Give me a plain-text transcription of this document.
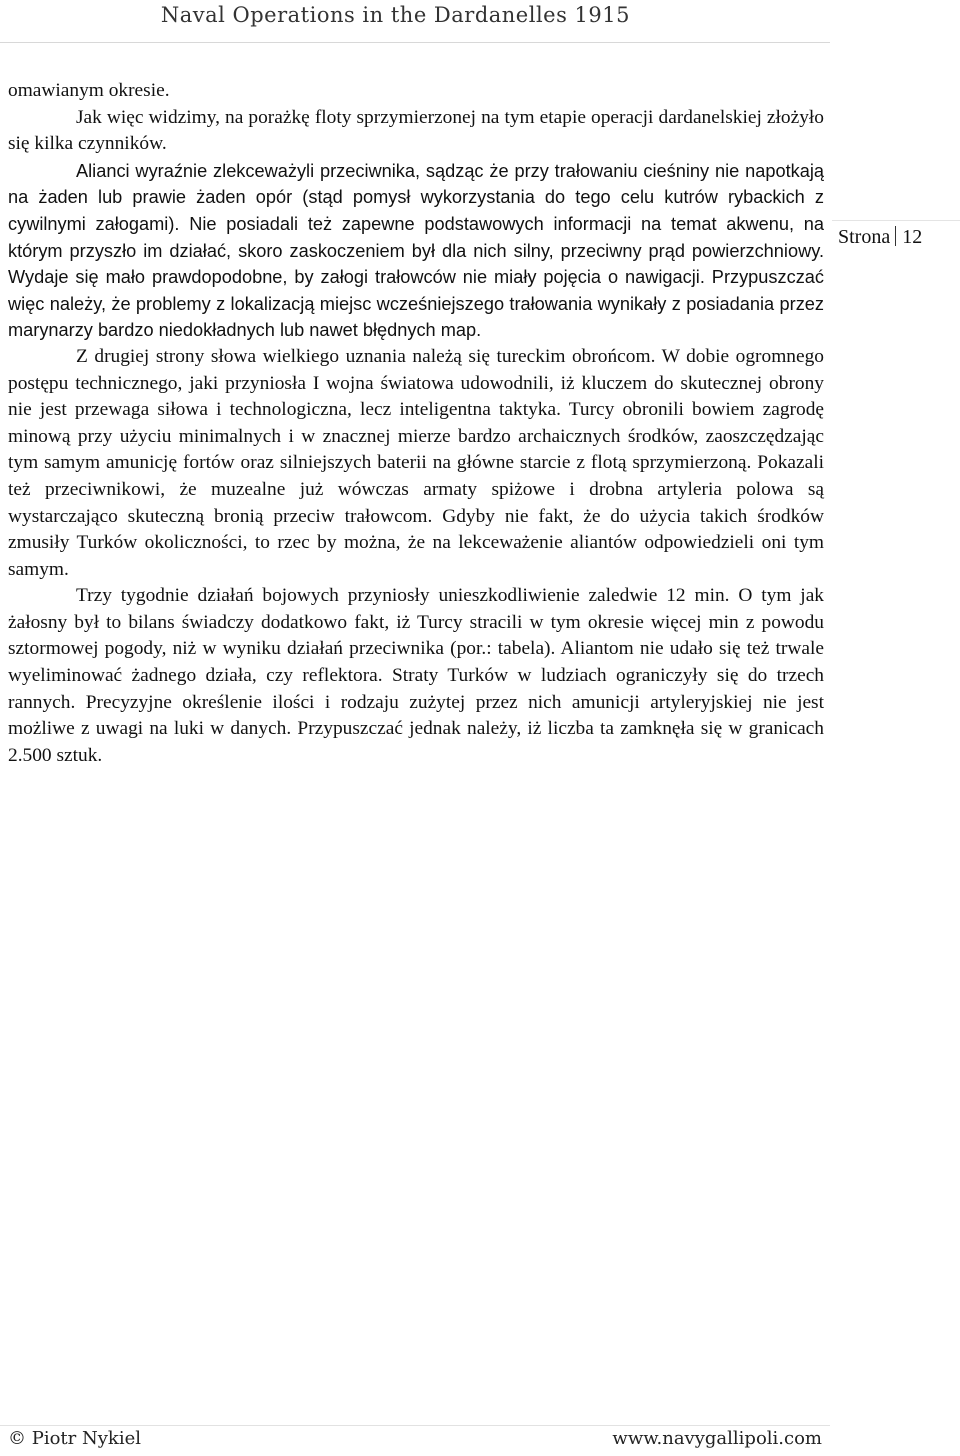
Naval Operations in the Dardanelles 1915
Strona 12

omawianym okresie.

Jak więc widzimy, na porażkę floty sprzymierzonej na tym etapie operacji dardanelskiej złożyło się kilka czynników.

Alianci wyraźnie zlekceważyli przeciwnika, sądząc że przy trałowaniu cieśniny nie napotkają na żaden lub prawie żaden opór (stąd pomysł wykorzystania do tego celu kutrów rybackich z cywilnymi załogami). Nie posiadali też zapewne podstawowych informacji na temat akwenu, na którym przyszło im działać, skoro zaskoczeniem był dla nich silny, przeciwny prąd powierzchniowy. Wydaje się mało prawdopodobne, by załogi trałowców nie miały pojęcia o nawigacji. Przypuszczać więc należy, że problemy z lokalizacją miejsc wcześniejszego trałowania wynikały z posiadania przez marynarzy bardzo niedokładnych lub nawet błędnych map.

Z drugiej strony słowa wielkiego uznania należą się tureckim obrońcom. W dobie ogromnego postępu technicznego, jaki przyniosła I wojna światowa udowodnili, iż kluczem do skutecznej obrony nie jest przewaga siłowa i technologiczna, lecz inteligentna taktyka. Turcy obronili bowiem zagrodę minową przy użyciu minimalnych i w znacznej mierze bardzo archaicznych środków, zaoszczędzając tym samym amunicję fortów oraz silniejszych baterii na główne starcie z flotą sprzymierzoną. Pokazali też przeciwnikowi, że muzealne już wówczas armaty spiżowe i drobna artyleria polowa są wystarczająco skuteczną bronią przeciw trałowcom. Gdyby nie fakt, że do użycia takich środków zmusiły Turków okoliczności, to rzec by można, że na lekceważenie aliantów odpowiedzieli oni tym samym.

Trzy tygodnie działań bojowych przyniosły unieszkodliwienie zaledwie 12 min. O tym jak żałosny był to bilans świadczy dodatkowo fakt, iż Turcy stracili w tym okresie więcej min z powodu sztormowej pogody, niż w wyniku działań przeciwnika (por.: tabela). Aliantom nie udało się też trwale wyeliminować żadnego działa, czy reflektora. Straty Turków w ludziach ograniczyły się do trzech rannych. Precyzyjne określenie ilości i rodzaju zużytej przez nich amunicji artyleryjskiej nie jest możliwe z uwagi na luki w danych. Przypuszczać jednak należy, iż liczba ta zamknęła się w granicach 2.500 sztuk.

© Piotr Nykiel	www.navygallipoli.com
